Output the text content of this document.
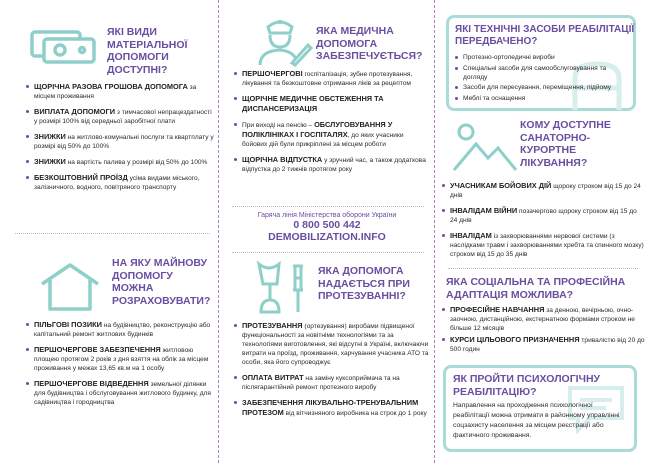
ЯКІ ВИДИ МАТЕРІАЛЬНОЇ ДОПОМОГИ ДОСТУПНІ?
ЩОРІЧНА РАЗОВА ГРОШОВА ДОПОМОГА за місцем проживання
ВИПЛАТА ДОПОМОГИ з тимчасової непрацездатності у розмірі 100% від середньої заробітної плати
ЗНИЖКИ на житлово-комунальні послуги та квартплату у розмірі від 50% до 100%
ЗНИЖКИ на вартість палива у розмірі від 50% до 100%
БЕЗКОШТОВНИЙ ПРОЇЗД усіма видами міського, залізничного, водного, повітряного транспорту
НА ЯКУ МАЙНОВУ ДОПОМОГУ МОЖНА РОЗРАХОВУВАТИ?
ПІЛЬГОВІ ПОЗИКИ на будівництво, реконструкцію або капітальний ремонт житлових будинків
ПЕРШОЧЕРГОВЕ ЗАБЕЗПЕЧЕННЯ житловою площею протягом 2 років з дня взяття на облік за місцем проживання у межах 13,65 кв.м на 1 особу
ПЕРШОЧЕРГОВЕ ВІДВЕДЕННЯ земельної ділянки для будівництва і обслуговування житлового будинку, для садівництва і городництва
ЯКА МЕДИЧНА ДОПОМОГА ЗАБЕЗПЕЧУЄТЬСЯ?
ПЕРШОЧЕРГОВІ госпіталізація, зубне протезування, лікування та безкоштовне отримання ліків за рецептом
ЩОРІЧНЕ МЕДИЧНЕ ОБСТЕЖЕННЯ ТА ДИСПАНСЕРИЗАЦІЯ
При виході на пенсію – ОБСЛУГОВУВАННЯ У ПОЛІКЛІНІКАХ І ГОСПІТАЛЯХ, до яких учасники бойових дій були прикріплені за місцем роботи
ЩОРІЧНА ВІДПУСТКА у зручний час, а також додаткова відпустка до 2 тижнів протягом року
Гаряча лінія Міністерства оборони України
0 800 500 442
DEMOBILIZATION.INFO
ЯКА ДОПОМОГА НАДАЄТЬСЯ ПРИ ПРОТЕЗУВАННІ?
ПРОТЕЗУВАННЯ (ортезування) виробами підвищеної функціональності за новітніми технологіями та за технологіями виготовлення, які відсутні в Україні, включаючи витрати на проїзд, проживання, харчування учасника АТО та особи, яка його супроводжує
ОПЛАТА ВИТРАТ на заміну куксоприймача та на післягарантійний ремонт протезного виробу
ЗАБЕЗПЕЧЕННЯ ЛІКУВАЛЬНО-ТРЕНУВАЛЬНИМ ПРОТЕЗОМ від вітчизняного виробника на строк до 1 року
ЯКІ ТЕХНІЧНІ ЗАСОБИ РЕАБІЛІТАЦІЇ ПЕРЕДБАЧЕНО?
Протезно-ортопедичні вироби
Спеціальні засоби для самообслуговування та догляду
Засоби для пересування, переміщення, підйому
Меблі та оснащення
КОМУ ДОСТУПНЕ САНАТОРНО-КУРОРТНЕ ЛІКУВАННЯ?
УЧАСНИКАМ БОЙОВИХ ДІЙ щороку строком від 15 до 24 днів
ІНВАЛІДАМ ВІЙНИ позачергово щороку строком від 15 до 24 днів
ІНВАЛІДАМ із захворюваннями нервової системи (з наслідками травм і захворюваннями хребта та спинного мозку) строком від 15 до 35 днів
ЯКА СОЦІАЛЬНА ТА ПРОФЕСІЙНА АДАПТАЦІЯ МОЖЛИВА?
ПРОФЕСІЙНЕ НАВЧАННЯ за денною, вечірньою, очно-заочною, дистанційною, екстернатною формами строком не більше 12 місяців
КУРСИ ЦІЛЬОВОГО ПРИЗНАЧЕННЯ тривалістю від 20 до 500 годин
ЯК ПРОЙТИ ПСИХОЛОГІЧНУ РЕАБІЛІТАЦІЮ?
Направлення на проходження психологічної реабілітації можна отримати в районному управлінні соцзахисту населення за місцем реєстрації або фактичного проживання.
